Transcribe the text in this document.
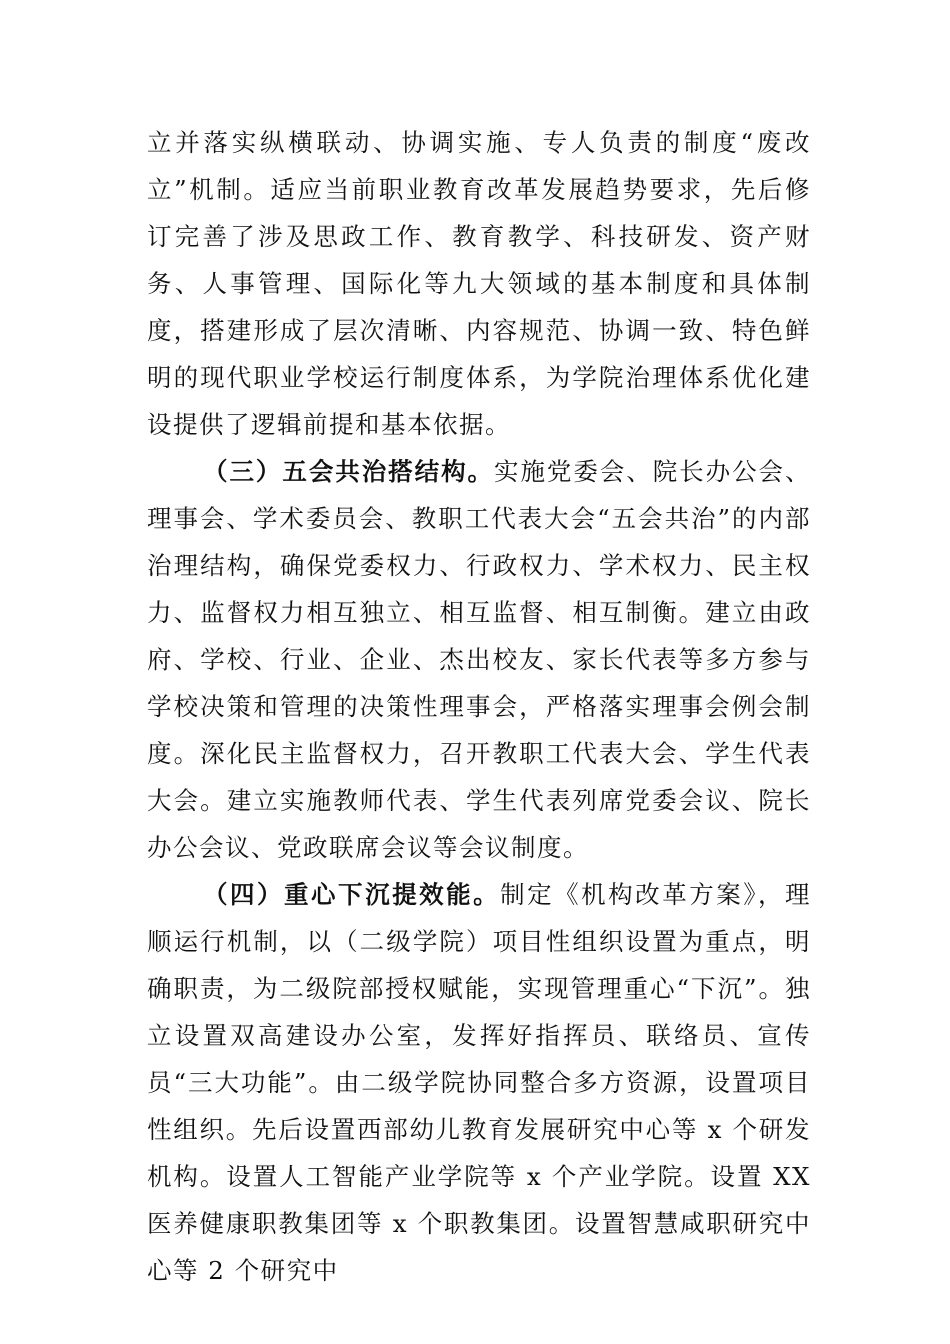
立并落实纵横联动、协调实施、专人负责的制度“废改立”机制。适应当前职业教育改革发展趋势要求，先后修订完善了涉及思政工作、教育教学、科技研发、资产财务、人事管理、国际化等九大领域的基本制度和具体制度，搭建形成了层次清晰、内容规范、协调一致、特色鲜明的现代职业学校运行制度体系，为学院治理体系优化建设提供了逻辑前提和基本依据。

（三）五会共治搭结构。实施党委会、院长办公会、理事会、学术委员会、教职工代表大会“五会共治”的内部治理结构，确保党委权力、行政权力、学术权力、民主权力、监督权力相互独立、相互监督、相互制衡。建立由政府、学校、行业、企业、杰出校友、家长代表等多方参与学校决策和管理的决策性理事会，严格落实理事会例会制度。深化民主监督权力，召开教职工代表大会、学生代表大会。建立实施教师代表、学生代表列席党委会议、院长办公会议、党政联席会议等会议制度。

（四）重心下沉提效能。制定《机构改革方案》，理顺运行机制，以（二级学院）项目性组织设置为重点，明确职责，为二级院部授权赋能，实现管理重心“下沉”。独立设置双高建设办公室，发挥好指挥员、联络员、宣传员“三大功能”。由二级学院协同整合多方资源，设置项目性组织。先后设置西部幼儿教育发展研究中心等 x 个研发机构。设置人工智能产业学院等 x 个产业学院。设置 XX 医养健康职教集团等 x 个职教集团。设置智慧咸职研究中心等 2 个研究中
